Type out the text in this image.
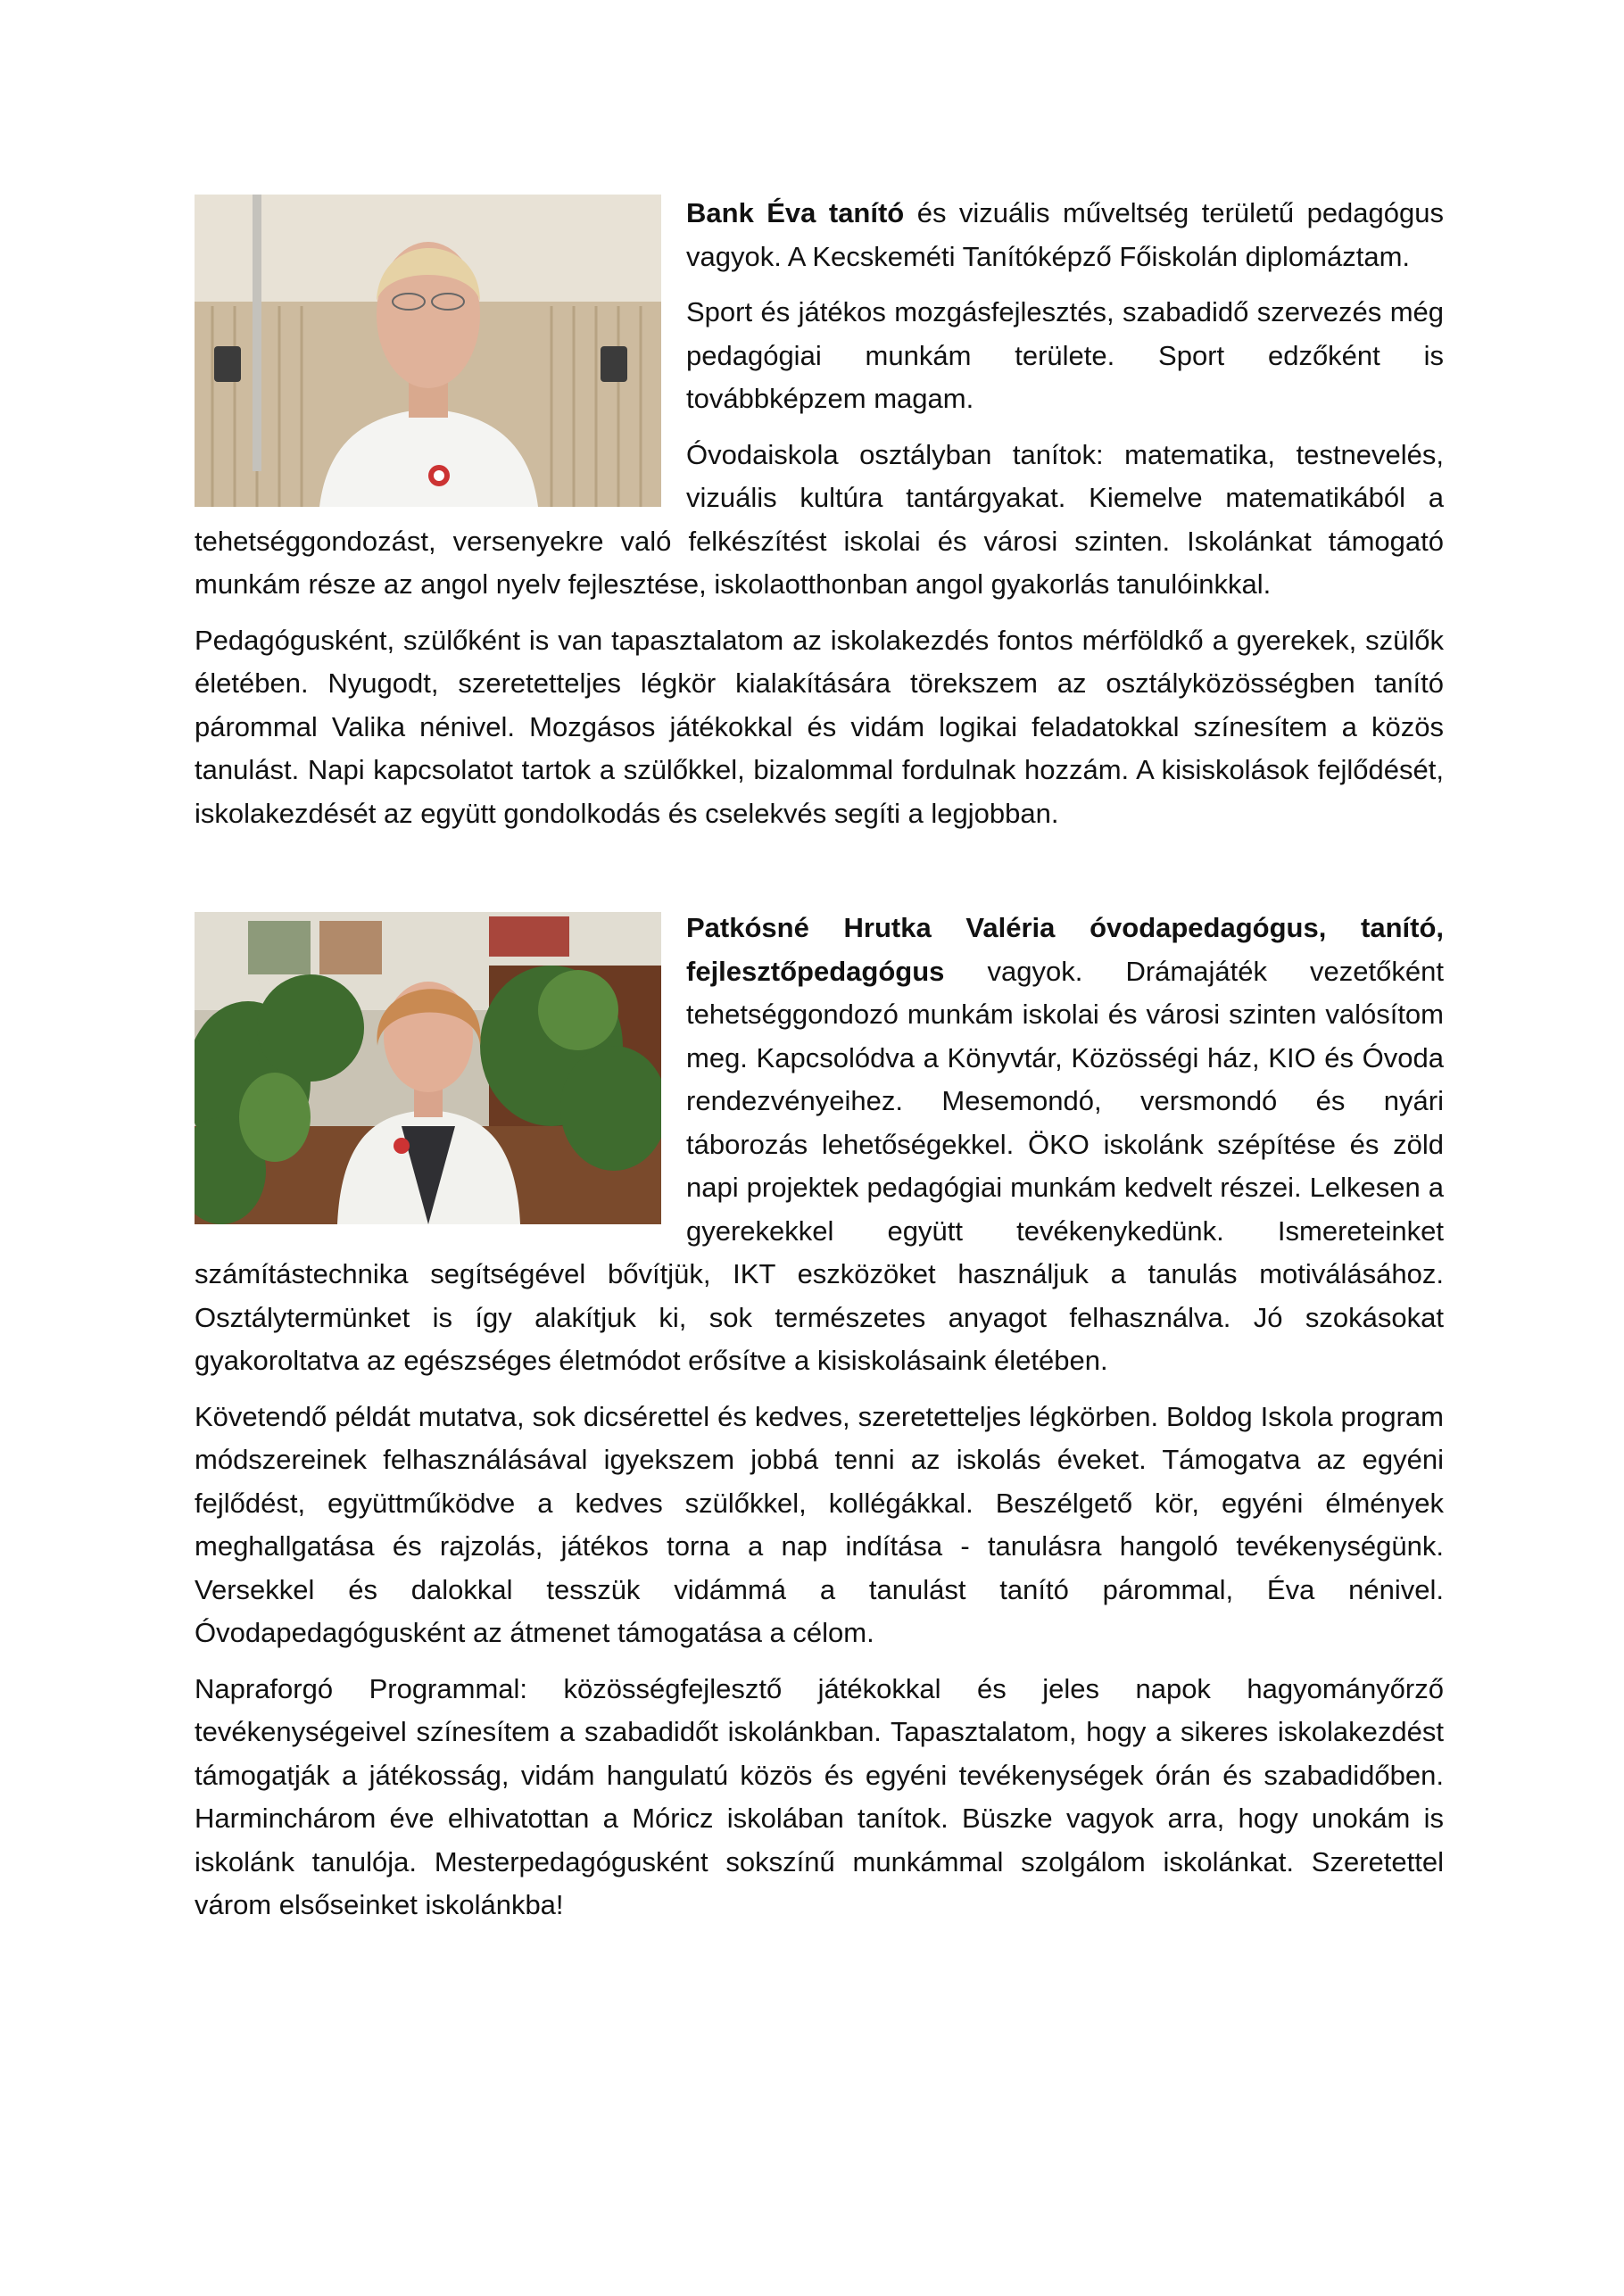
Bank Éva tanító és vizuális műveltség területű pedagógus vagyok. A Kecskeméti Tanítóképző Főiskolán diplomáztam.

Sport és játékos mozgásfejlesztés, szabadidő szervezés még pedagógiai munkám területe. Sport edzőként is továbbképzem magam.

Óvodaiskola osztályban tanítok: matematika, testnevelés, vizuális kultúra tantárgyakat. Kiemelve matematikából a tehetséggondozást, versenyekre való felkészítést iskolai és városi szinten. Iskolánkat támogató munkám része az angol nyelv fejlesztése, iskolaotthonban angol gyakorlás tanulóinkkal.

Pedagógusként, szülőként is van tapasztalatom az iskolakezdés fontos mérföldkő a gyerekek, szülők életében. Nyugodt, szeretetteljes légkör kialakítására törekszem az osztályközösségben tanító párommal Valika nénivel. Mozgásos játékokkal és vidám logikai feladatokkal színesítem a közös tanulást. Napi kapcsolatot tartok a szülőkkel, bizalommal fordulnak hozzám. A kisiskolások fejlődését, iskolakezdését az együtt gondolkodás és cselekvés segíti a legjobban.

Patkósné Hrutka Valéria óvodapedagógus, tanító, fejlesztőpedagógus vagyok. Drámajáték vezetőként tehetséggondozó munkám iskolai és városi szinten valósítom meg. Kapcsolódva a Könyvtár, Közösségi ház, KIO és Óvoda rendezvényeihez. Mesemondó, versmondó és nyári táborozás lehetőségekkel. ÖKO iskolánk szépítése és zöld napi projektek pedagógiai munkám kedvelt részei. Lelkesen a gyerekekkel együtt tevékenykedünk. Ismereteinket számítástechnika segítségével bővítjük, IKT eszközöket használjuk a tanulás motiválásához. Osztálytermünket is így alakítjuk ki, sok természetes anyagot felhasználva. Jó szokásokat gyakoroltatva az egészséges életmódot erősítve a kisiskolásaink életében.

Követendő példát mutatva, sok dicsérettel és kedves, szeretetteljes légkörben. Boldog Iskola program módszereinek felhasználásával igyekszem jobbá tenni az iskolás éveket. Támogatva az egyéni fejlődést, együttműködve a kedves szülőkkel, kollégákkal. Beszélgető kör, egyéni élmények meghallgatása és rajzolás, játékos torna a nap indítása - tanulásra hangoló tevékenységünk. Versekkel és dalokkal tesszük vidámmá a tanulást tanító párommal, Éva nénivel. Óvodapedagógusként az átmenet támogatása a célom.

Napraforgó Programmal: közösségfejlesztő játékokkal és jeles napok hagyományőrző tevékenységeivel színesítem a szabadidőt iskolánkban. Tapasztalatom, hogy a sikeres iskolakezdést támogatják a játékosság, vidám hangulatú közös és egyéni tevékenységek órán és szabadidőben. Harminchárom éve elhivatottan a Móricz iskolában tanítok. Büszke vagyok arra, hogy unokám is iskolánk tanulója. Mesterpedagógusként sokszínű munkámmal szolgálom iskolánkat. Szeretettel várom elsőseinket iskolánkba!
